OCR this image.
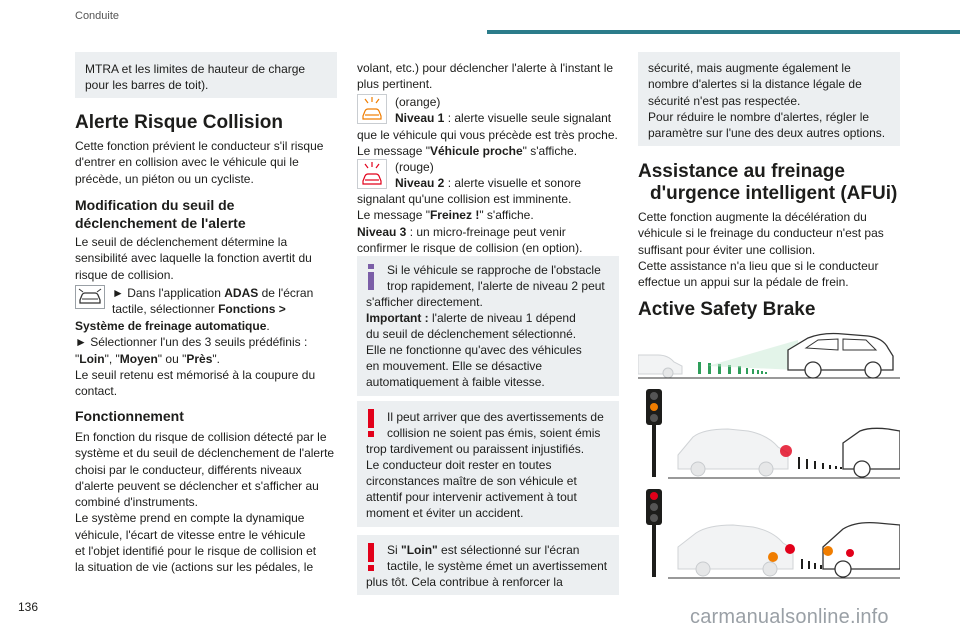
Conduite
MTRA et les limites de hauteur de charge
pour les barres de toit).
Alerte Risque Collision
Cette fonction prévient le conducteur s'il risque
d'entrer en collision avec le véhicule qui le
précède, un piéton ou un cycliste.
Modification du seuil de
déclenchement de l'alerte
Le seuil de déclenchement détermine la
sensibilité avec laquelle la fonction avertit du
risque de collision.
► Dans l'application ADAS de l'écran
tactile, sélectionner Fonctions >
Système de freinage automatique.
► Sélectionner l'un des 3 seuils prédéfinis :
"Loin", "Moyen" ou "Près".
Le seuil retenu est mémorisé à la coupure du
contact.
Fonctionnement
En fonction du risque de collision détecté par le
système et du seuil de déclenchement de l'alerte
choisi par le conducteur, différents niveaux
d'alerte peuvent se déclencher et s'afficher au
combiné d'instruments.
Le système prend en compte la dynamique
véhicule, l'écart de vitesse entre le véhicule
et l'objet identifié pour le risque de collision et
la situation de vie (actions sur les pédales, le
volant, etc.) pour déclencher l'alerte à l'instant le
plus pertinent.
(orange)
Niveau 1 : alerte visuelle seule signalant
que le véhicule qui vous précède est très proche.
Le message "Véhicule proche" s'affiche.
(rouge)
Niveau 2 : alerte visuelle et sonore
signalant qu'une collision est imminente.
Le message "Freinez !" s'affiche.
Niveau 3 : un micro-freinage peut venir
confirmer le risque de collision (en option).
Si le véhicule se rapproche de l'obstacle
trop rapidement, l'alerte de niveau 2 peut
s'afficher directement.
Important : l'alerte de niveau 1 dépend
du seuil de déclenchement sélectionné.
Elle ne fonctionne qu'avec des véhicules
en mouvement. Elle se désactive
automatiquement à faible vitesse.
Il peut arriver que des avertissements de
collision ne soient pas émis, soient émis
trop tardivement ou paraissent injustifiés.
Le conducteur doit rester en toutes
circonstances maître de son véhicule et
attentif pour intervenir activement à tout
moment et éviter un accident.
Si "Loin" est sélectionné sur l'écran
tactile, le système émet un avertissement
plus tôt. Cela contribue à renforcer la
sécurité, mais augmente également le
nombre d'alertes si la distance légale de
sécurité n'est pas respectée.
Pour réduire le nombre d'alertes, régler le
paramètre sur l'une des deux autres options.
Assistance au freinage
d'urgence intelligent (AFUi)
Cette fonction augmente la décélération du
véhicule si le freinage du conducteur n'est pas
suffisant pour éviter une collision.
Cette assistance n'a lieu que si le conducteur
effectue un appui sur la pédale de frein.
Active Safety Brake
136	carmanualsonline.info
